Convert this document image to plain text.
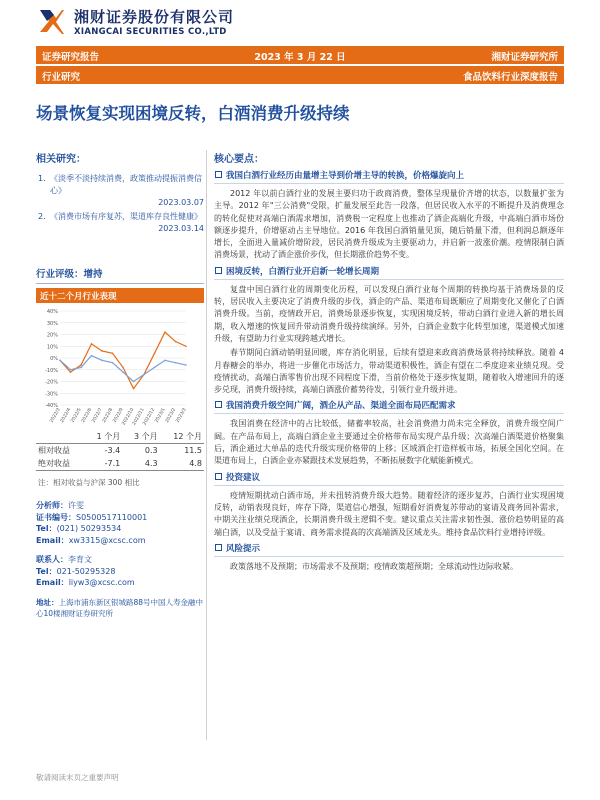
湘财证券股份有限公司
XIANGCAI SECURITIES CO.,LTD
2023 年 3 月 22 日
证券研究报告	湘财证券研究所
行业研究	食品饮料行业深度报告
场景恢复实现困境反转，白酒消费升级持续
相关研究：
1. 《淡季不淡持续消费，政策推动提振消费信心》
2023.03.07
2. 《消费市场有序复苏，渠道库存良性健康》
2023.03.14
行业评级：增持
近十二个月行业表现
40%
30%
20%
10%
0%
-10%
-20%
-30%
-40%
2022/3
2022/4
2022/5
2022/6
2022/7
2022/8
2022/9
2022/10
2022/11
2022/12
2023/1
2023/2
2023/3
	1 个月	3 个月	12 个月
相对收益	-3.4	0.3	11.5
绝对收益	-7.1	4.3	4.8
注：相对收益与沪深 300 相比
分析师：许雯
证书编号：S0500517110001
Tel：(021) 50293534
Email：xw3315@xcsc.com
联系人：李育文
Tel：021-50295328
Email：liyw3@xcsc.com
地址：上海市浦东新区银城路88号中国人寿金融中心10楼湘财证券研究所
核心要点：
我国白酒行业经历由量增主导到价增主导的转换，价格爆旋向上

2012 年以前白酒行业的发展主要归功于政商消费，整体呈现量价齐增的状态，以数量扩张为主导。2012 年"三公消费"受限，扩量发展至此告一段落，但居民收入水平的不断提升及消费理念的转化促使对高端白酒需求增加，消费税一定程度上也推动了酒企高端化升级，中高端白酒市场份额逐步提升，价增驱动占主导地位。2016 年我国白酒销量见顶，随后销量下滑，但利润总额逐年增长，全面进入量减价增阶段，居民消费升级成为主要驱动力，并启新一波涨价潮。疫情限制白酒消费场景，扰动了酒企涨价步伐，但长期涨价趋势不变。

困境反转，白酒行业开启新一轮增长周期

复盘中国白酒行业的周期变化历程，可以发现白酒行业每个周期的转换均基于消费场景的反转，居民收入主要决定了消费升级的步伐，酒企的产品、渠道布局既顺应了周期变化又催化了白酒消费升级。当前，疫情政开启，消费场景逐步恢复，实现困境反转，带动白酒行业进入新的增长周期，收入增速的恢复回升带动消费升级持续演绎。另外，白酒企业数字化转型加速，渠道模式加速升级，有望助力行业实现跨越式增长。

春节期间白酒动销明显回暖，库存消化明显，后续有望迎来政商消费场景将持续释放。随着 4 月春糖会的举办，将进一步催化市场活力，带动渠道积极性，酒企有望在二季度迎来业绩兑现。受疫情扰动，高端白酒零售价出现不同程度下滑，当前价格处于逐步恢复期，随着收入增速回升的逐步兑现，消费升级持续，高端白酒涨价蓄势待发，引领行业升级并进。

我国消费升级空间广阔，酒企从产品、渠道全面布局匹配需求

我国消费在经济中的占比较低，储蓄率较高，社会消费潜力尚未完全释放，消费升级空间广阔。在产品布局上，高端白酒企业主要通过全价格带布局实现产品升级；次高端白酒渠道价格聚集后，酒企通过大单品的迭代升级实现价格带的上移；区域酒企打造样板市场，拓展全国化空间。在渠道布局上，白酒企业亦紧跟技术发展趋势，不断拓展数字化赋能新模式。

投资建议

疫情短期扰动白酒市场，并未扭转消费升级大趋势。随着经济的逐步复苏，白酒行业实现困境反转，动销表现良好，库存下降，渠道信心增强，短期看好消费复苏带动的宴请及商务回补需求，中期关注业绩兑现酒企，长期消费升级主逻辑不变。建议重点关注需求韧性强、涨价趋势明显的高端白酒，以及受益于宴请、商务需求提高的次高端酒及区域龙头。维持食品饮料行业增持评级。

风险提示

政策落地不及预期；市场需求不及预期；疫情政策超预期；全球流动性边际收紧。

敬请阅读末页之重要声明
